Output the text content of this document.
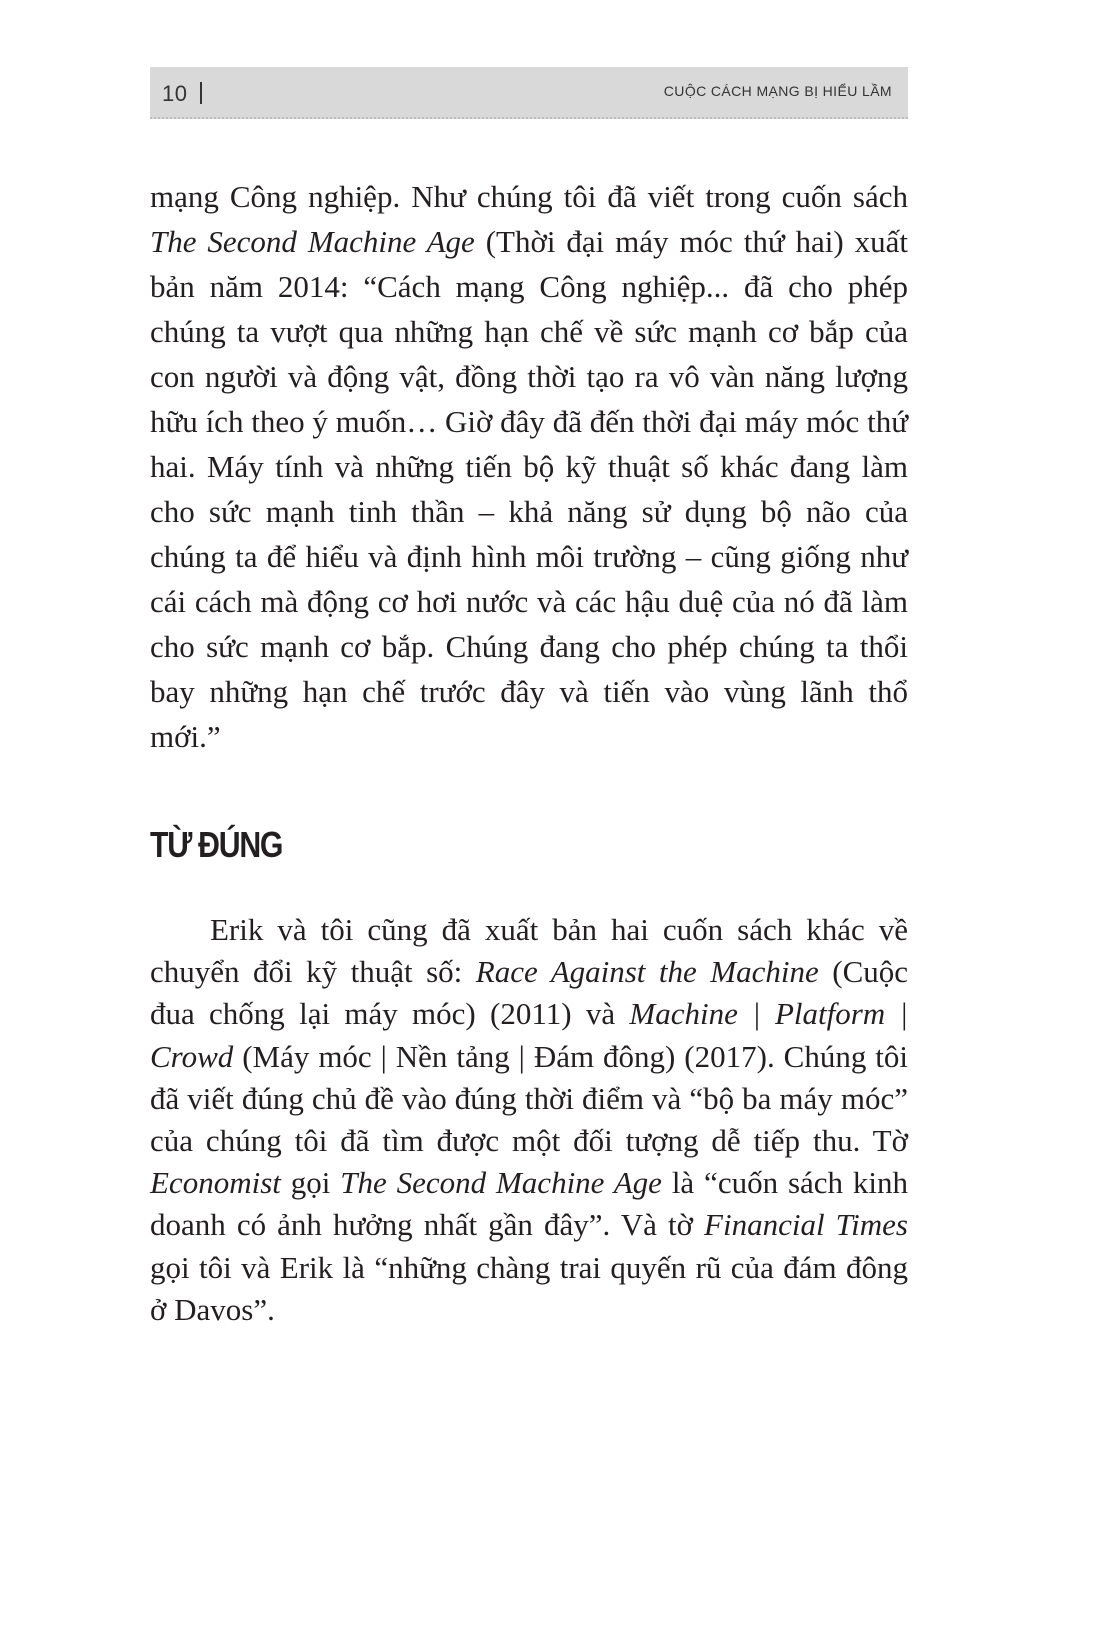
10	CUỘC CÁCH MẠNG BỊ HIỂU LẦM

mạng Công nghiệp. Như chúng tôi đã viết trong cuốn sách The Second Machine Age (Thời đại máy móc thứ hai) xuất bản năm 2014: “Cách mạng Công nghiệp... đã cho phép chúng ta vượt qua những hạn chế về sức mạnh cơ bắp của con người và động vật, đồng thời tạo ra vô vàn năng lượng hữu ích theo ý muốn… Giờ đây đã đến thời đại máy móc thứ hai. Máy tính và những tiến bộ kỹ thuật số khác đang làm cho sức mạnh tinh thần – khả năng sử dụng bộ não của chúng ta để hiểu và định hình môi trường – cũng giống như cái cách mà động cơ hơi nước và các hậu duệ của nó đã làm cho sức mạnh cơ bắp. Chúng đang cho phép chúng ta thổi bay những hạn chế trước đây và tiến vào vùng lãnh thổ mới.”

TỪ ĐÚNG

Erik và tôi cũng đã xuất bản hai cuốn sách khác về chuyển đổi kỹ thuật số: Race Against the Machine (Cuộc đua chống lại máy móc) (2011) và Machine | Platform | Crowd (Máy móc | Nền tảng | Đám đông) (2017). Chúng tôi đã viết đúng chủ đề vào đúng thời điểm và “bộ ba máy móc” của chúng tôi đã tìm được một đối tượng dễ tiếp thu. Tờ Economist gọi The Second Machine Age là “cuốn sách kinh doanh có ảnh hưởng nhất gần đây”. Và tờ Financial Times gọi tôi và Erik là “những chàng trai quyến rũ của đám đông ở Davos”.
